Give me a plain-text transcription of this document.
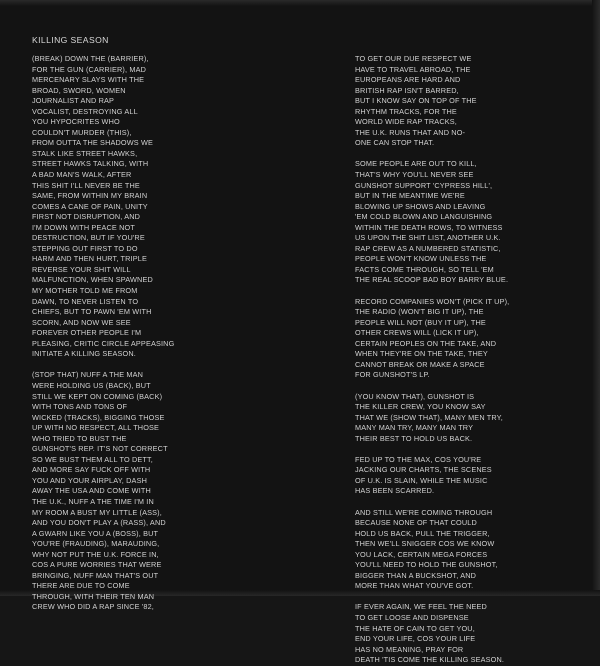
KILLING SEASON
(BREAK) DOWN THE (BARRIER),
FOR THE GUN (CARRIER), MAD
MERCENARY SLAYS WITH THE
BROAD, SWORD, WOMEN
JOURNALIST AND RAP
VOCALIST, DESTROYING ALL
YOU HYPOCRITES WHO
COULDN'T MURDER (THIS),
FROM OUTTA THE SHADOWS WE
STALK LIKE STREET HAWKS,
STREET HAWKS TALKING, WITH
A BAD MAN'S WALK, AFTER
THIS SHIT I'LL NEVER BE THE
SAME, FROM WITHIN MY BRAIN
COMES A CANE OF PAIN, UNITY
FIRST NOT DISRUPTION, AND
I'M DOWN WITH PEACE NOT
DESTRUCTION, BUT IF YOU'RE
STEPPING OUT FIRST TO DO
HARM AND THEN HURT, TRIPLE
REVERSE YOUR SHIT WILL
MALFUNCTION, WHEN SPAWNED
MY MOTHER TOLD ME FROM
DAWN, TO NEVER LISTEN TO
CHIEFS, BUT TO PAWN 'EM WITH
SCORN, AND NOW WE SEE
FOREVER OTHER PEOPLE I'M
PLEASING, CRITIC CIRCLE APPEASING
INITIATE A KILLING SEASON.
(STOP THAT) NUFF A THE MAN
WERE HOLDING US (BACK), BUT
STILL WE KEPT ON COMING (BACK)
WITH TONS AND TONS OF
WICKED (TRACKS), BIGGING THOSE
UP WITH NO RESPECT, ALL THOSE
WHO TRIED TO BUST THE
GUNSHOT'S REP. IT'S NOT CORRECT
SO WE BUST THEM ALL TO DETT,
AND MORE SAY FUCK OFF WITH
YOU AND YOUR AIRPLAY, DASH
AWAY THE USA AND COME WITH
THE U.K., NUFF A THE TIME I'M IN
MY ROOM A BUST MY LITTLE (ASS),
AND YOU DON'T PLAY A (RASS), AND
A GWARN LIKE YOU A (BOSS), BUT
YOU'RE (FRAUDING), MARAUDING,
WHY NOT PUT THE U.K. FORCE IN,
COS A PURE WORRIES THAT WERE
BRINGING, NUFF MAN THAT'S OUT
THERE ARE DUE TO COME
THROUGH, WITH THEIR TEN MAN
CREW WHO DID A RAP SINCE '82,
TO GET OUR DUE RESPECT WE
HAVE TO TRAVEL ABROAD, THE
EUROPEANS ARE HARD AND
BRITISH RAP ISN'T BARRED,
BUT I KNOW SAY ON TOP OF THE
RHYTHM TRACKS, FOR THE
WORLD WIDE RAP TRACKS,
THE U.K. RUNS THAT AND NO-
ONE CAN STOP THAT.
SOME PEOPLE ARE OUT TO KILL,
THAT'S WHY YOU'LL NEVER SEE
GUNSHOT SUPPORT 'CYPRESS HILL',
BUT IN THE MEANTIME WE'RE
BLOWING UP SHOWS AND LEAVING
'EM COLD BLOWN AND LANGUISHING
WITHIN THE DEATH ROWS, TO WITNESS
US UPON THE SHIT LIST, ANOTHER U.K.
RAP CREW AS A NUMBERED STATISTIC,
PEOPLE WON'T KNOW UNLESS THE
FACTS COME THROUGH, SO TELL 'EM
THE REAL SCOOP BAD BOY BARRY BLUE.
RECORD COMPANIES WON'T (PICK IT UP),
THE RADIO (WON'T BIG IT UP), THE
PEOPLE WILL NOT (BUY IT UP), THE
OTHER CREWS WILL (LICK IT UP),
CERTAIN PEOPLES ON THE TAKE, AND
WHEN THEY'RE ON THE TAKE, THEY
CANNOT BREAK OR MAKE A SPACE
FOR GUNSHOT'S LP.
(YOU KNOW THAT), GUNSHOT IS
THE KILLER CREW, YOU KNOW SAY
THAT WE (SHOW THAT), MANY MEN TRY,
MANY MAN TRY, MANY MAN TRY
THEIR BEST TO HOLD US BACK.
FED UP TO THE MAX, COS YOU'RE
JACKING OUR CHARTS, THE SCENES
OF U.K. IS SLAIN, WHILE THE MUSIC
HAS BEEN SCARRED.
AND STILL WE'RE COMING THROUGH
BECAUSE NONE OF THAT COULD
HOLD US BACK, PULL THE TRIGGER,
THEN WE'LL SNIGGER COS WE KNOW
YOU LACK, CERTAIN MEGA FORCES
YOU'LL NEED TO HOLD THE GUNSHOT,
BIGGER THAN A BUCKSHOT, AND
MORE THAN WHAT YOU'VE GOT.
IF EVER AGAIN, WE FEEL THE NEED
TO GET LOOSE AND DISPENSE
THE HATE OF CAIN TO GET YOU,
END YOUR LIFE, COS YOUR LIFE
HAS NO MEANING, PRAY FOR
DEATH 'TIS COME THE KILLING SEASON.
